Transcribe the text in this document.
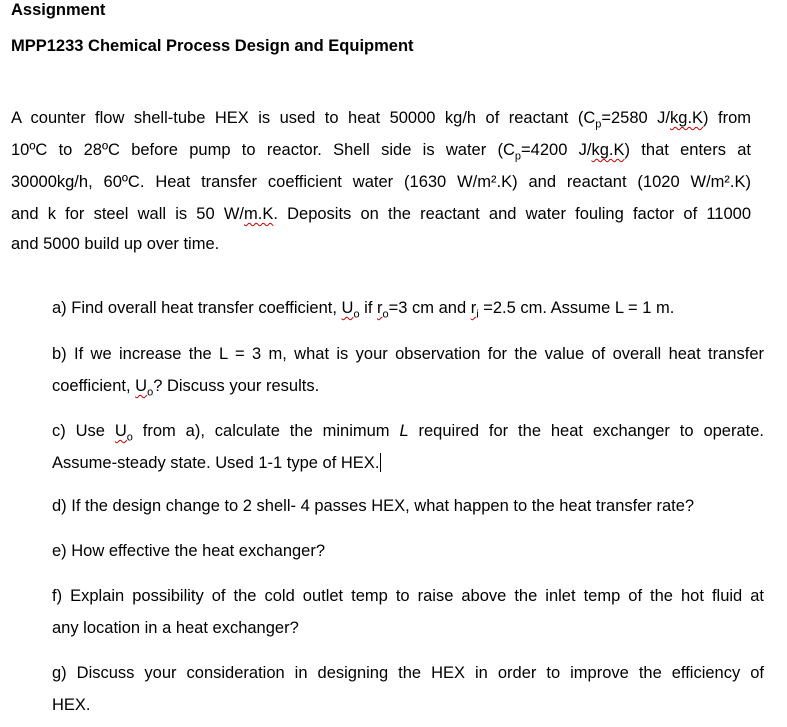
Assignment
MPP1233 Chemical Process Design and Equipment
A counter flow shell-tube HEX is used to heat 50000 kg/h of reactant ($C_p=2580$ J/kg.K) from
10ºC to 28ºC before pump to reactor. Shell side is water ($C_p=4200$ J/kg.K) that enters at
30000kg/h, 60ºC. Heat transfer coefficient water (1630 W/m².K) and reactant (1020 W/m².K)
and k for steel wall is 50 W/m.K. Deposits on the reactant and water fouling factor of 11000
and 5000 build up over time.
a) Find overall heat transfer coefficient, $U_o$ if $r_o=3$ cm and $r_i =2.5$ cm. Assume L = 1 m.
b) If we increase the L = 3 m, what is your observation for the value of overall heat transfer
coefficient, $U_o$? Discuss your results.
c) Use $U_o$ from a), calculate the minimum L required for the heat exchanger to operate.
Assume-steady state. Used 1-1 type of HEX.
d) If the design change to 2 shell- 4 passes HEX, what happen to the heat transfer rate?
e) How effective the heat exchanger?
f) Explain possibility of the cold outlet temp to raise above the inlet temp of the hot fluid at
any location in a heat exchanger?
g) Discuss your consideration in designing the HEX in order to improve the efficiency of
HEX.
